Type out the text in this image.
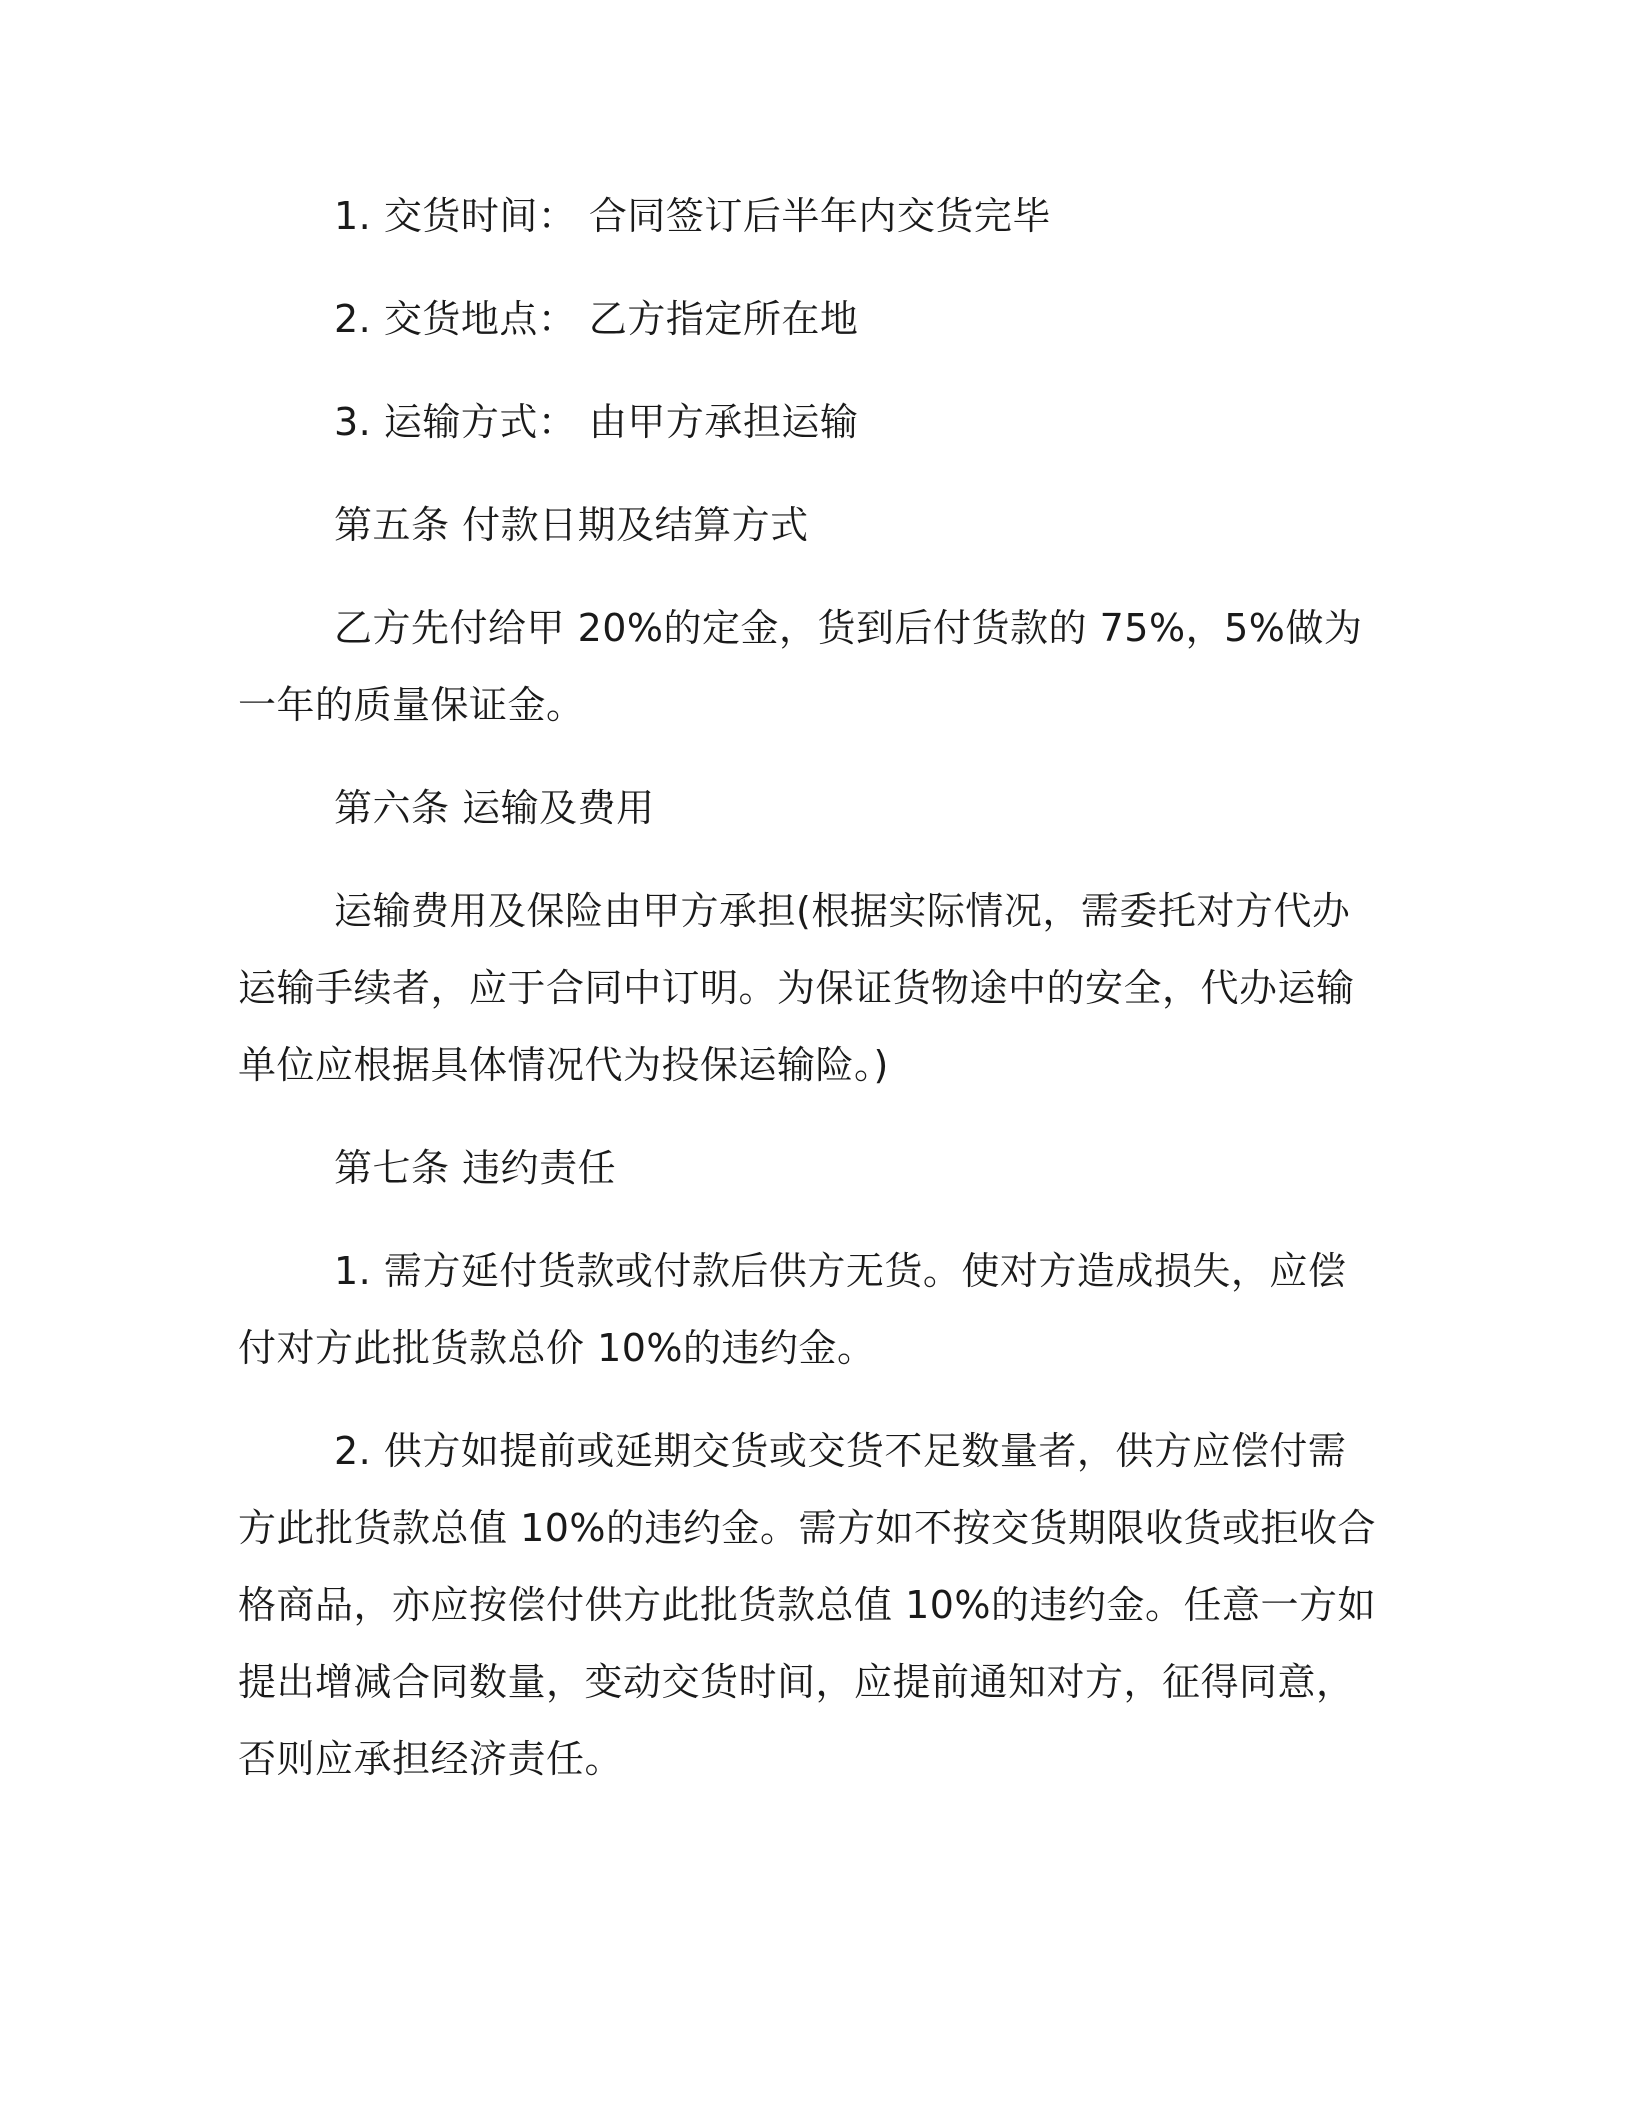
1. 交货时间： 合同签订后半年内交货完毕

2. 交货地点： 乙方指定所在地

3. 运输方式： 由甲方承担运输

第五条 付款日期及结算方式

乙方先付给甲 20%的定金，货到后付货款的 75%，5%做为一年的质量保证金。

第六条 运输及费用

运输费用及保险由甲方承担(根据实际情况，需委托对方代办运输手续者，应于合同中订明。为保证货物途中的安全，代办运输单位应根据具体情况代为投保运输险。)

第七条 违约责任

1. 需方延付货款或付款后供方无货。使对方造成损失，应偿付对方此批货款总价 10%的违约金。

2. 供方如提前或延期交货或交货不足数量者，供方应偿付需方此批货款总值 10%的违约金。需方如不按交货期限收货或拒收合格商品，亦应按偿付供方此批货款总值 10%的违约金。任意一方如提出增减合同数量，变动交货时间，应提前通知对方，征得同意，否则应承担经济责任。
